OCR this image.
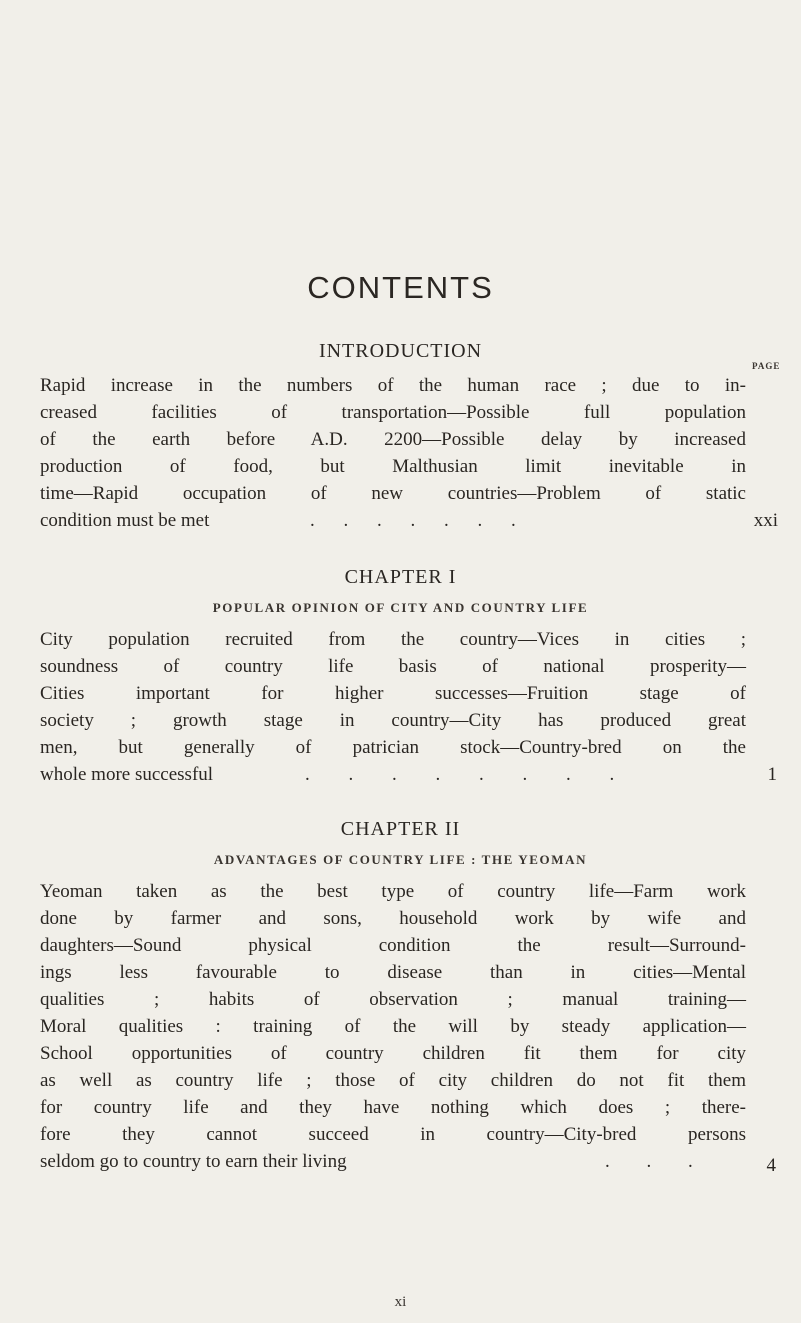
CONTENTS
INTRODUCTION
PAGE
Rapid increase in the numbers of the human race ; due to in-
creased facilities of transportation—Possible full population
of the earth before A.D. 2200—Possible delay by increased
production of food, but Malthusian limit inevitable in
time—Rapid occupation of new countries—Problem of static
condition must be met	. . . . . . .	xxi
CHAPTER I
POPULAR OPINION OF CITY AND COUNTRY LIFE
City population recruited from the country—Vices in cities ;
soundness of country life basis of national prosperity—
Cities important for higher successes—Fruition stage of
society ; growth stage in country—City has produced great
men, but generally of patrician stock—Country-bred on the
whole more successful	. . . . . . . .	1
CHAPTER II
ADVANTAGES OF COUNTRY LIFE : THE YEOMAN
Yeoman taken as the best type of country life—Farm work
done by farmer and sons, household work by wife and
daughters—Sound physical condition the result—Surround-
ings less favourable to disease than in cities—Mental
qualities ; habits of observation ; manual training—
Moral qualities : training of the will by steady application—
School opportunities of country children fit them for city
as well as country life ; those of city children do not fit them
for country life and they have nothing which does ; there-
fore they cannot succeed in country—City-bred persons
seldom go to country to earn their living	. . .	4
xi
